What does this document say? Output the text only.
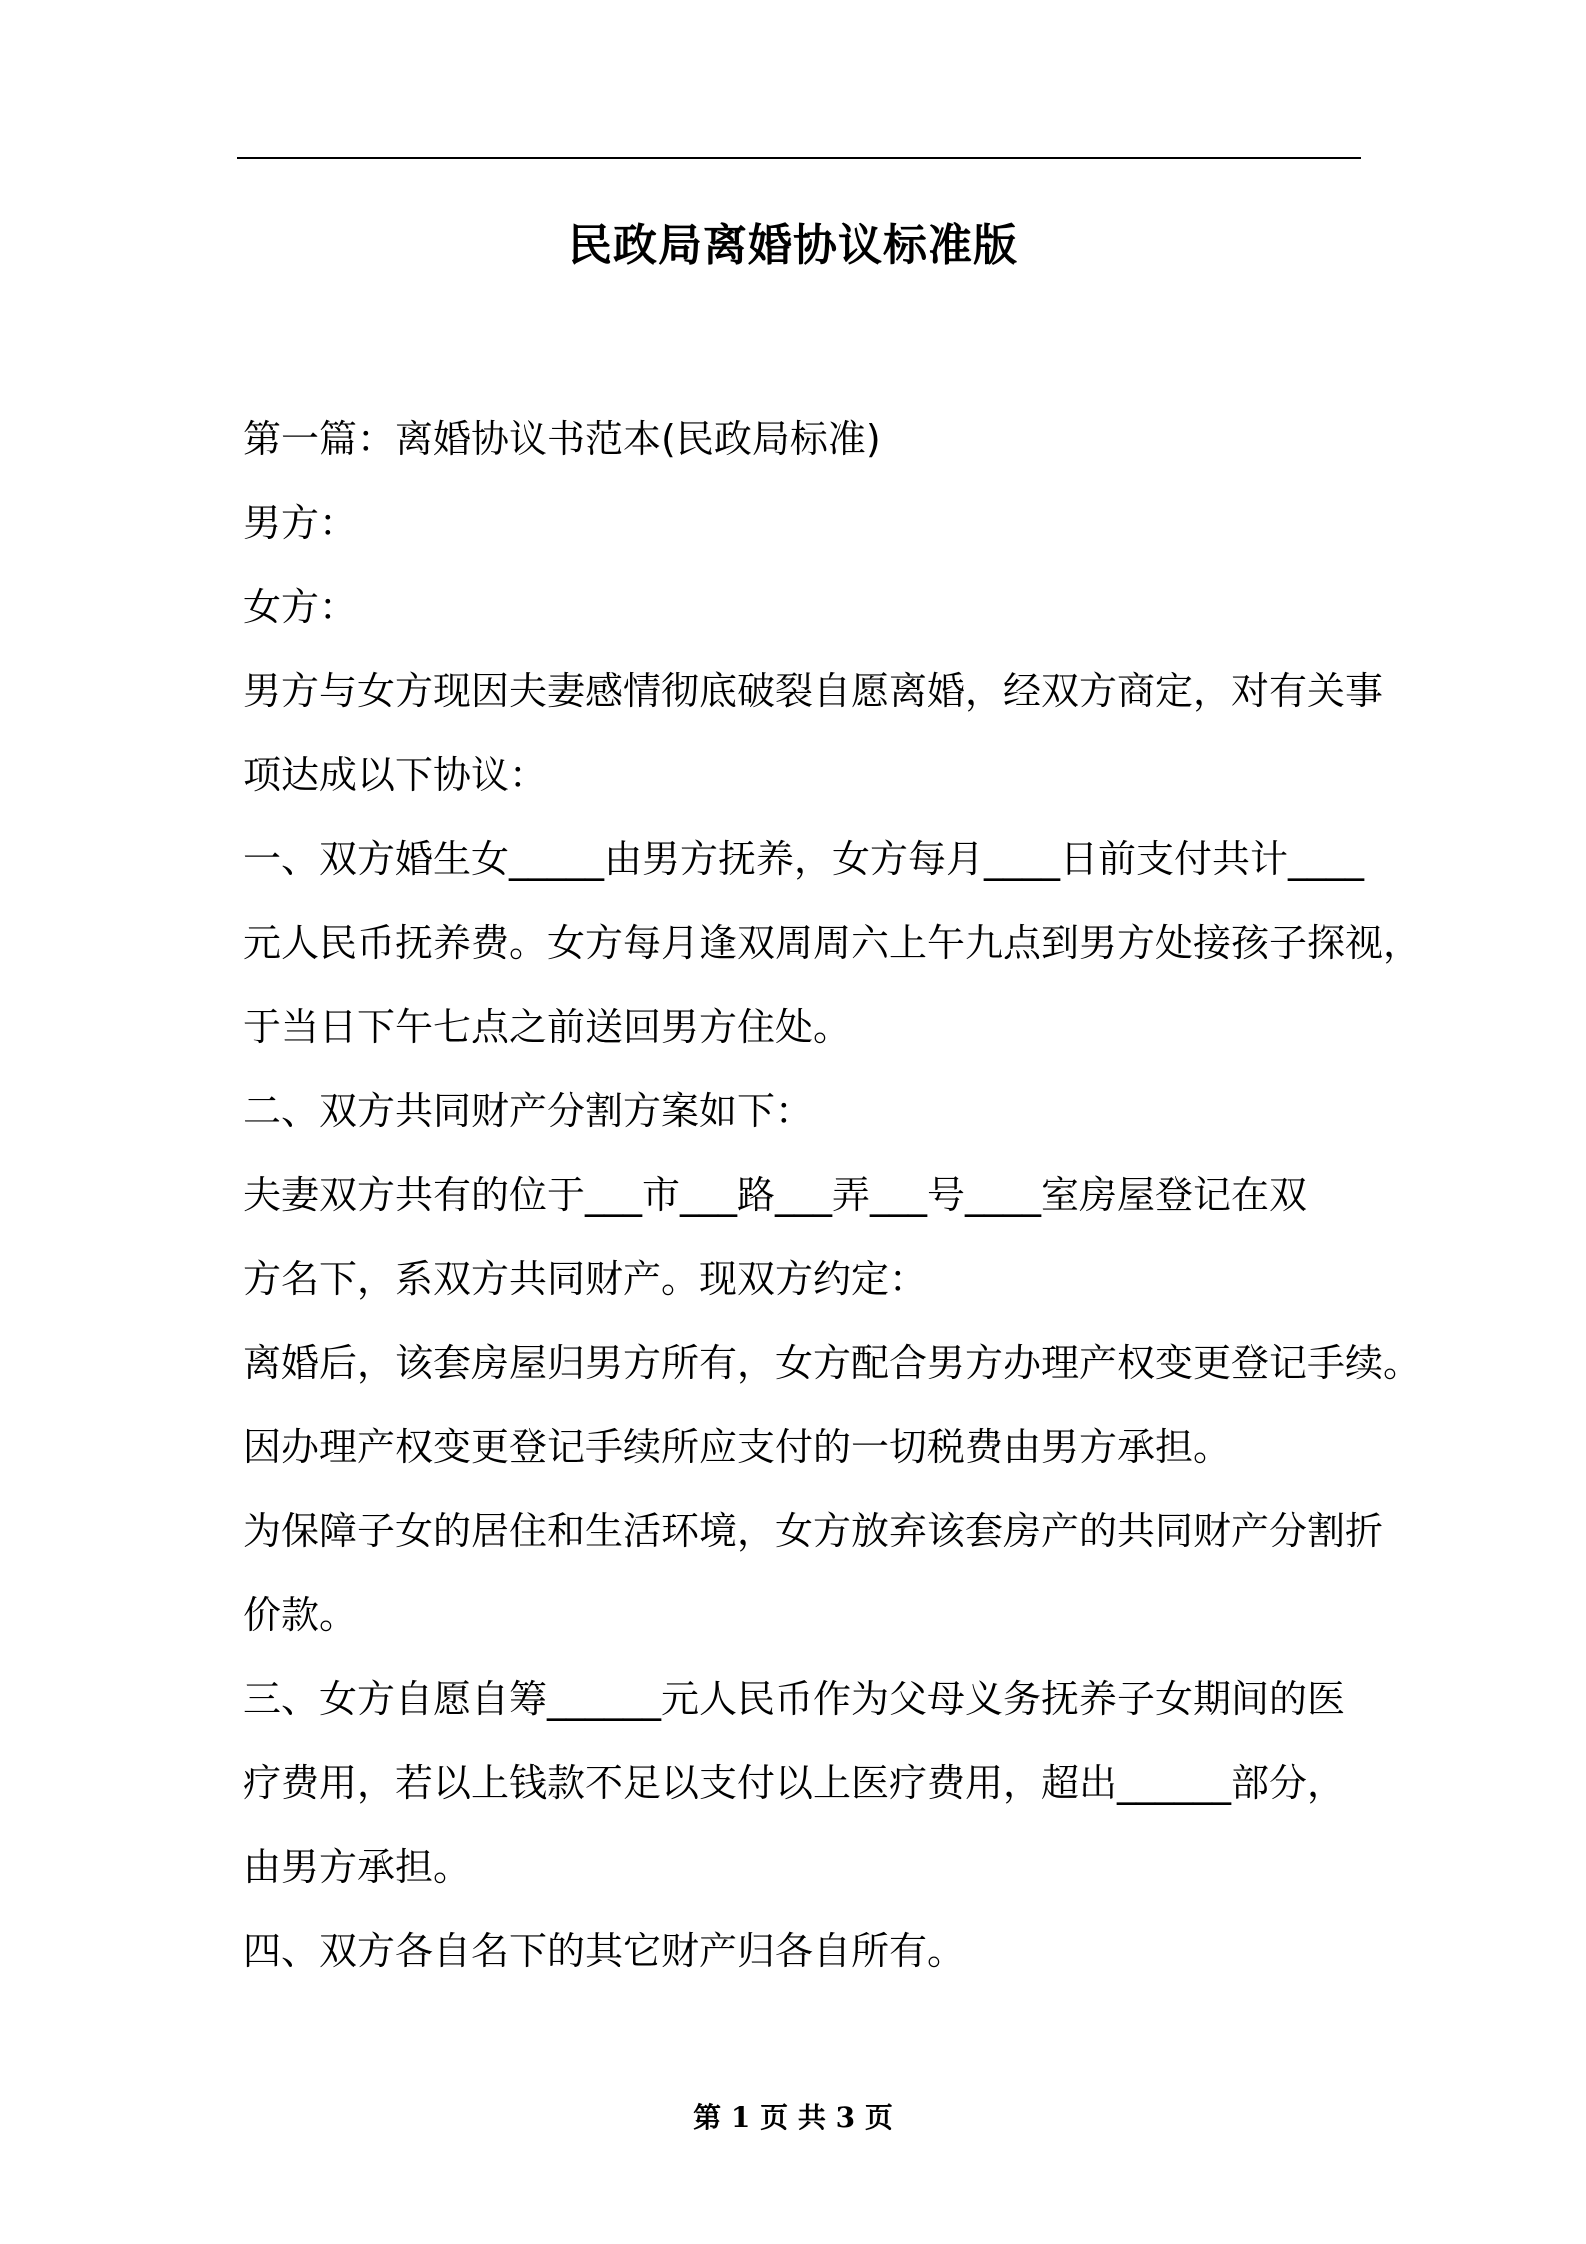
民政局离婚协议标准版
第一篇：离婚协议书范本(民政局标准)
男方：
女方：
男方与女方现因夫妻感情彻底破裂自愿离婚，经双方商定，对有关事
项达成以下协议：
一、双方婚生女_____由男方抚养，女方每月____日前支付共计____
元人民币抚养费。女方每月逢双周周六上午九点到男方处接孩子探视，
于当日下午七点之前送回男方住处。
二、双方共同财产分割方案如下：
夫妻双方共有的位于___市___路___弄___号____室房屋登记在双
方名下，系双方共同财产。现双方约定：
离婚后，该套房屋归男方所有，女方配合男方办理产权变更登记手续。
因办理产权变更登记手续所应支付的一切税费由男方承担。
为保障子女的居住和生活环境，女方放弃该套房产的共同财产分割折
价款。
三、女方自愿自筹______元人民币作为父母义务抚养子女期间的医
疗费用，若以上钱款不足以支付以上医疗费用，超出______部分，
由男方承担。
四、双方各自名下的其它财产归各自所有。
第 1 页 共 3 页
